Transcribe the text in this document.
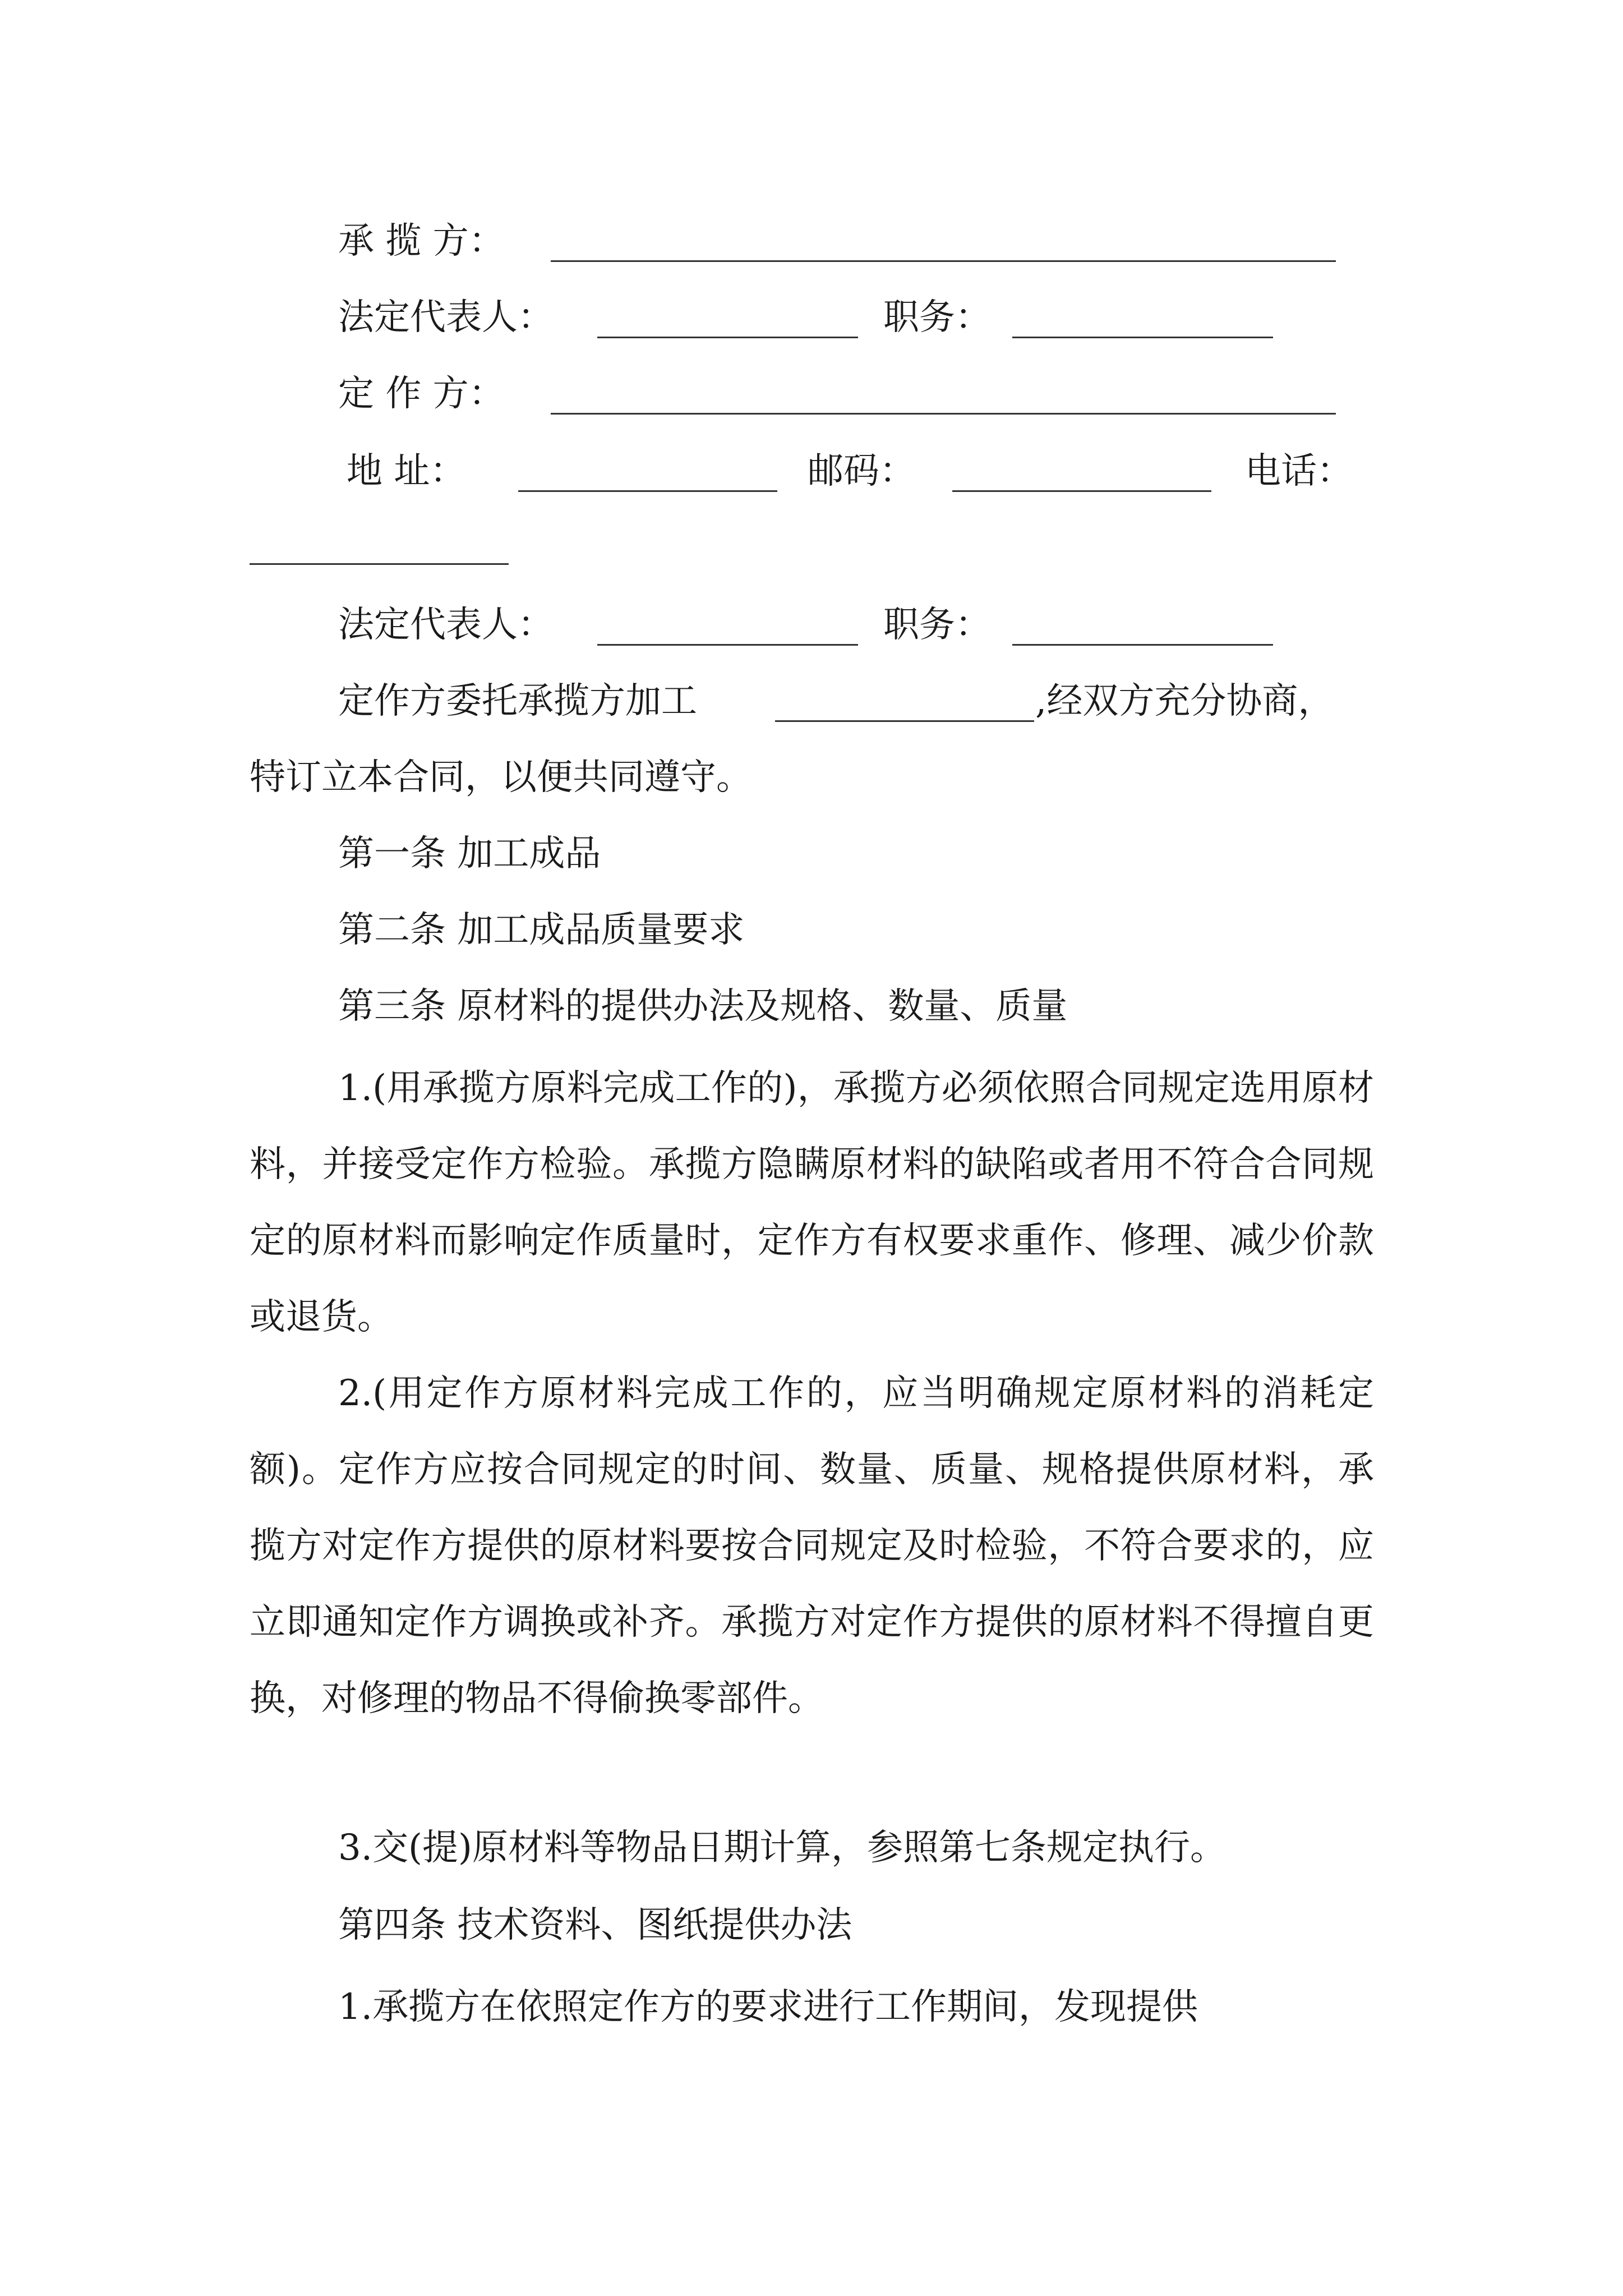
承 揽 方：
法定代表人：	职务：
定 作 方：
地 址：	邮码：	电话：
法定代表人：	职务：
定作方委托承揽方加工	,经双方充分协商，
特订立本合同，以便共同遵守。
第一条 加工成品
第二条 加工成品质量要求
第三条 原材料的提供办法及规格、数量、质量
1.(用承揽方原料完成工作的)，承揽方必须依照合同规定选用原材料，并接受定作方检验。承揽方隐瞒原材料的缺陷或者用不符合合同规定的原材料而影响定作质量时，定作方有权要求重作、修理、减少价款或退货。
2.(用定作方原材料完成工作的，应当明确规定原材料的消耗定额)。定作方应按合同规定的时间、数量、质量、规格提供原材料，承揽方对定作方提供的原材料要按合同规定及时检验，不符合要求的，应立即通知定作方调换或补齐。承揽方对定作方提供的原材料不得擅自更换，对修理的物品不得偷换零部件。
3.交(提)原材料等物品日期计算，参照第七条规定执行。
第四条 技术资料、图纸提供办法
1.承揽方在依照定作方的要求进行工作期间，发现提供
